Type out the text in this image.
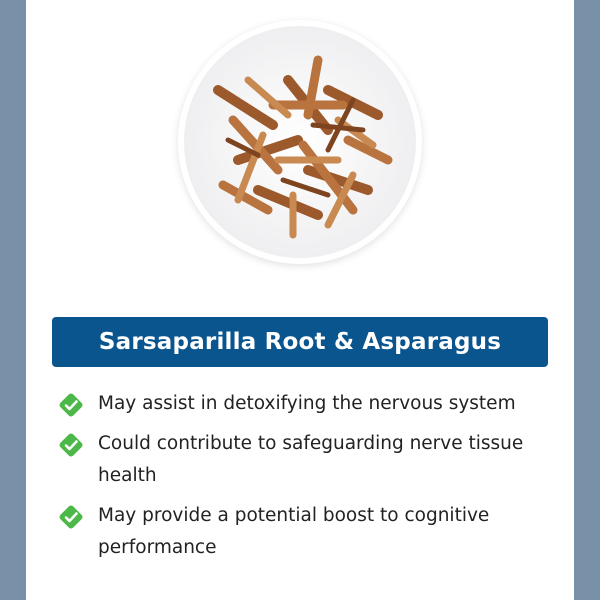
Sarsaparilla Root & Asparagus
May assist in detoxifying the nervous system
Could contribute to safeguarding nerve tissue health
May provide a potential boost to cognitive performance
